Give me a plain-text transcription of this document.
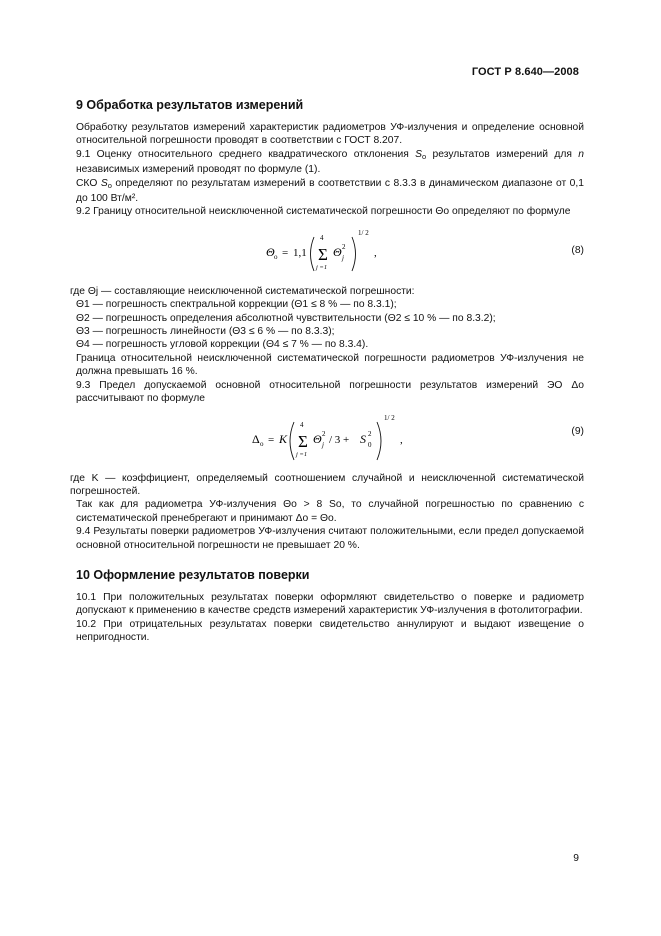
ГОСТ Р 8.640—2008
9 Обработка результатов измерений

Обработку результатов измерений характеристик радиометров УФ-излучения и определение основной относительной погрешности проводят в соответствии с ГОСТ 8.207.

9.1 Оценку относительного среднего квадратического отклонения $S_о$ результатов измерений для n независимых измерений проводят по формуле (1).

СКО $S_о$ определяют по результатам измерений в соответствии с 8.3.3 в динамическом диапазоне от 0,1 до 100 Вт/м².

9.2 Границу относительной неисключенной систематической погрешности Θо определяют по формуле

Θ о = 1,1
4
Σ
j =1
Θ 2
j
1/ 2
,	(8)

где Θj — составляющие неисключенной систематической погрешности:

Θ1 — погрешность спектральной коррекции (Θ1 ≤ 8 % — по 8.3.1);

Θ2 — погрешность определения абсолютной чувствительности (Θ2 ≤ 10 % — по 8.3.2);

Θ3 — погрешность линейности (Θ3 ≤ 6 % — по 8.3.3);

Θ4 — погрешность угловой коррекции (Θ4 ≤ 7 % — по 8.3.4).

Граница относительной неисключенной систематической погрешности радиометров УФ-излучения не должна превышать 16 %.

9.3 Предел допускаемой основной относительной погрешности результатов измерений ЭО Δо рассчитывают по формуле

Δ о = K
4
Σ
j =1
Θ 2
j / 3 + S 2
0
1/ 2
,
(9)

где K — коэффициент, определяемый соотношением случайной и неисключенной систематической погрешностей.

Так как для радиометра УФ-излучения Θо > 8 Sо, то случайной погрешностью по сравнению с систематической пренебрегают и принимают Δо = Θо.

9.4 Результаты поверки радиометров УФ-излучения считают положительными, если предел допускаемой основной относительной погрешности не превышает 20 %.

10 Оформление результатов поверки

10.1 При положительных результатах поверки оформляют свидетельство о поверке и радиометр допускают к применению в качестве средств измерений характеристик УФ-излучения в фотолитографии.

10.2 При отрицательных результатах поверки свидетельство аннулируют и выдают извещение о непригодности.

9
